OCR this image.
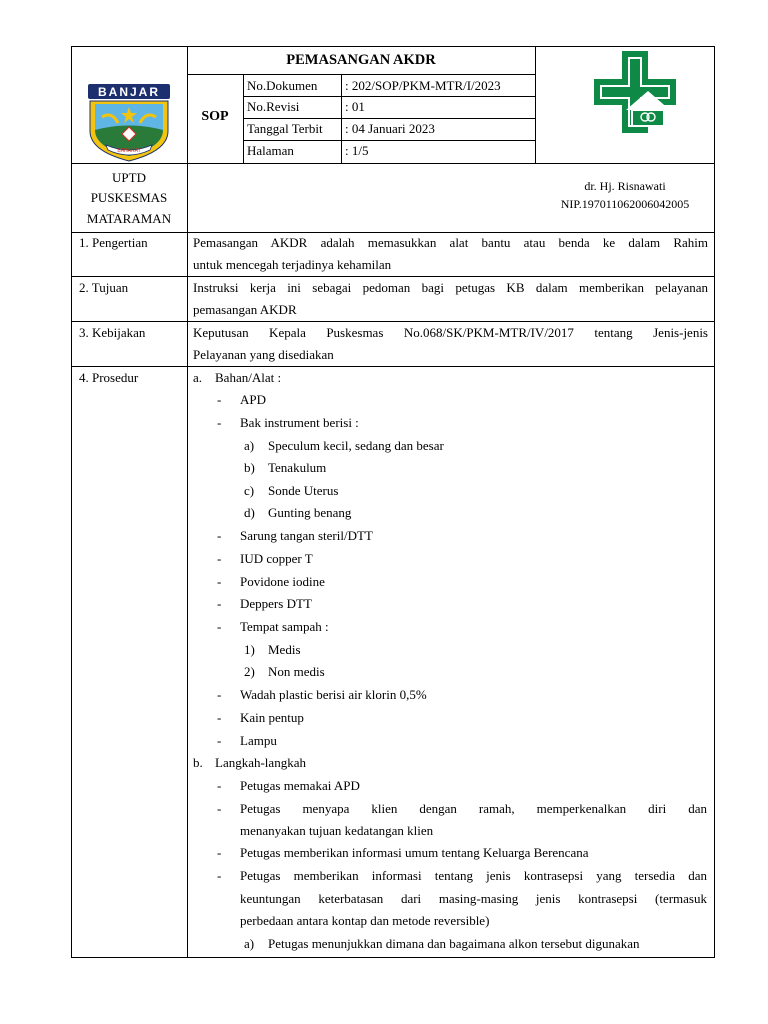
PEMASANGAN AKDR
SOP
No.Dokumen : 202/SOP/PKM-MTR/I/2023
No.Revisi	: 01
Tanggal Terbit : 04 Januari 2023
Halaman	: 1/5
BANJAR
BAHARAT
UPTD
PUSKESMAS
MATARAMAN
dr. Hj. Risnawati
NIP.197011062006042005
1. Pengertian	Pemasangan AKDR adalah memasukkan alat bantu atau benda ke dalam Rahim
untuk mencegah terjadinya kehamilan
2. Tujuan	Instruksi kerja ini sebagai pedoman bagi petugas KB dalam memberikan pelayanan
pemasangan AKDR
3. Kebijakan	Keputusan Kepala Puskesmas No.068/SK/PKM-MTR/IV/2017 tentang Jenis-jenis
Pelayanan yang disediakan
4. Prosedur	a. Bahan/Alat :
- APD
- Bak instrument berisi :
a) Speculum kecil, sedang dan besar
b) Tenakulum
c) Sonde Uterus
d) Gunting benang
- Sarung tangan steril/DTT
- IUD copper T
- Povidone iodine
- Deppers DTT
- Tempat sampah :
1) Medis
2) Non medis
- Wadah plastic berisi air klorin 0,5%
- Kain pentup
- Lampu
b. Langkah-langkah
- Petugas memakai APD
- Petugas menyapa klien dengan ramah, memperkenalkan diri dan
menanyakan tujuan kedatangan klien
- Petugas memberikan informasi umum tentang Keluarga Berencana
- Petugas memberikan informasi tentang jenis kontrasepsi yang tersedia dan
keuntungan keterbatasan dari masing-masing jenis kontrasepsi (termasuk
perbedaan antara kontap dan metode reversible)
a) Petugas menunjukkan dimana dan bagaimana alkon tersebut digunakan
